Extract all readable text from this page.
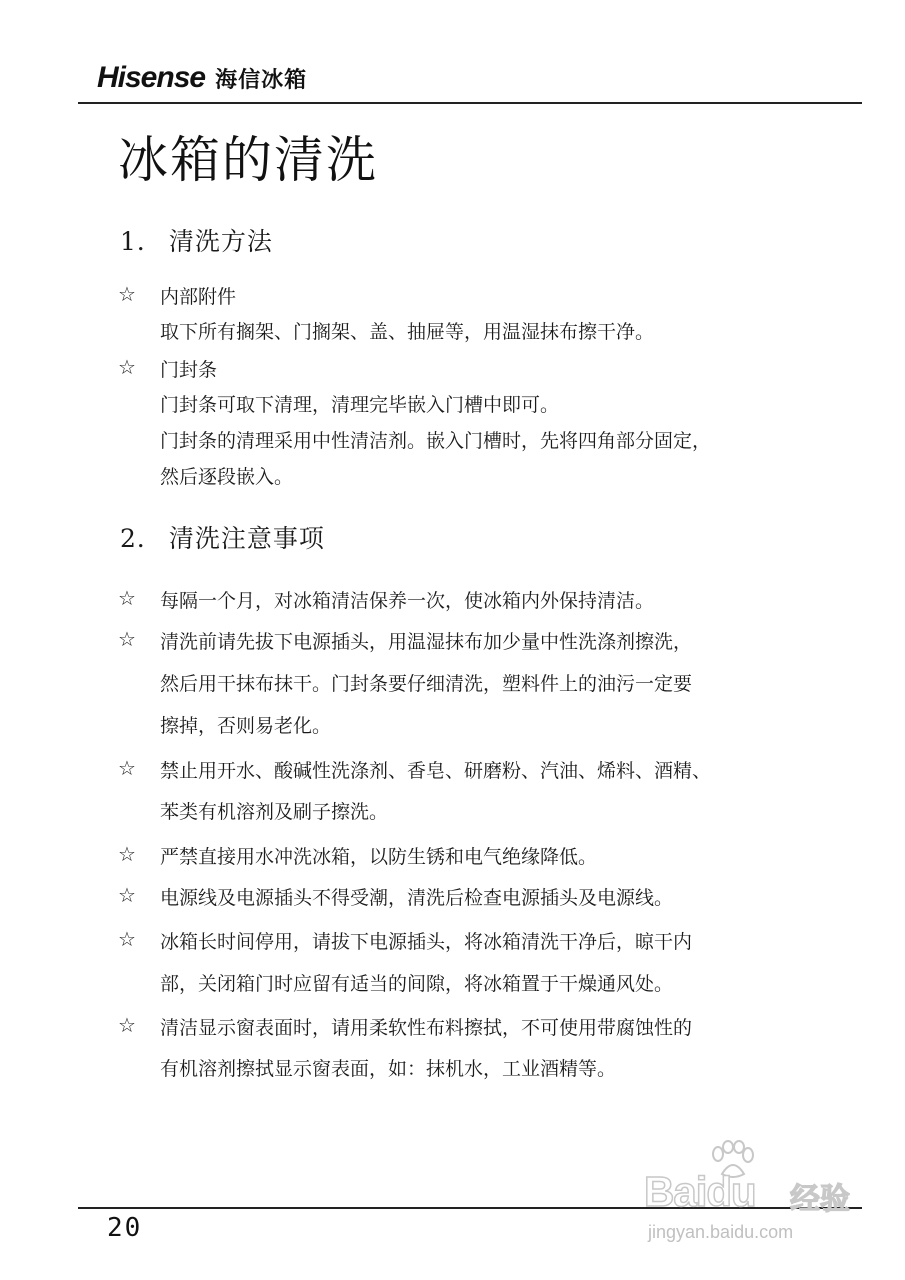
Hisense 海信冰箱
冰箱的清洗
1． 清洗方法
☆ 内部附件
取下所有搁架、门搁架、盖、抽屉等，用温湿抹布擦干净。
☆ 门封条
门封条可取下清理，清理完毕嵌入门槽中即可。
门封条的清理采用中性清洁剂。嵌入门槽时，先将四角部分固定，
然后逐段嵌入。
2． 清洗注意事项
☆ 每隔一个月，对冰箱清洁保养一次，使冰箱内外保持清洁。
☆ 清洗前请先拔下电源插头，用温湿抹布加少量中性洗涤剂擦洗，
然后用干抹布抹干。门封条要仔细清洗，塑料件上的油污一定要
擦掉，否则易老化。
☆ 禁止用开水、酸碱性洗涤剂、香皂、研磨粉、汽油、烯料、酒精、
苯类有机溶剂及刷子擦洗。
☆ 严禁直接用水冲洗冰箱，以防生锈和电气绝缘降低。
☆ 电源线及电源插头不得受潮，清洗后检查电源插头及电源线。
☆ 冰箱长时间停用，请拔下电源插头，将冰箱清洗干净后，晾干内
部，关闭箱门时应留有适当的间隙，将冰箱置于干燥通风处。
☆ 清洁显示窗表面时，请用柔软性布料擦拭，不可使用带腐蚀性的
有机溶剂擦拭显示窗表面，如：抹机水，工业酒精等。
20
Baidu 经验
jingyan.baidu.com
